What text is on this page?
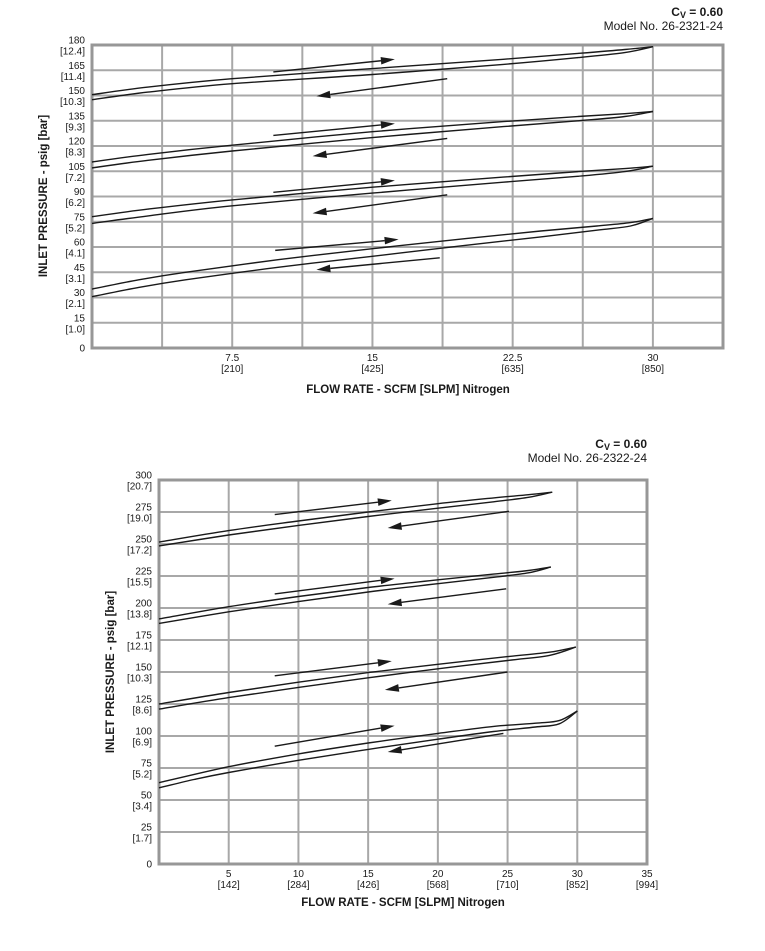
180
[12.4]
165
[11.4]
150
[10.3]
135
[9.3]
120
[8.3]
105
[7.2]
90
[6.2]
75
[5.2]
60
[4.1]
45
[3.1]
30
[2.1]
15
[1.0]
0
7.5
[210]
15
[425]
22.5
[635]
30
[850]
300
[20.7]
275
[19.0]
250
[17.2]
225
[15.5]
200
[13.8]
175
[12.1]
150
[10.3]
125
[8.6]
100
[6.9]
75
[5.2]
50
[3.4]
25
[1.7]
0
5
[142]
10
[284]
15
[426]
20
[568]
25
[710]
30
[852]
35
[994]
CV = 0.60
Model No. 26-2321-24
INLET PRESSURE - psig [bar]
FLOW RATE - SCFM [SLPM] Nitrogen
CV = 0.60
Model No. 26-2322-24
INLET PRESSURE - psig [bar]
FLOW RATE - SCFM [SLPM] Nitrogen
